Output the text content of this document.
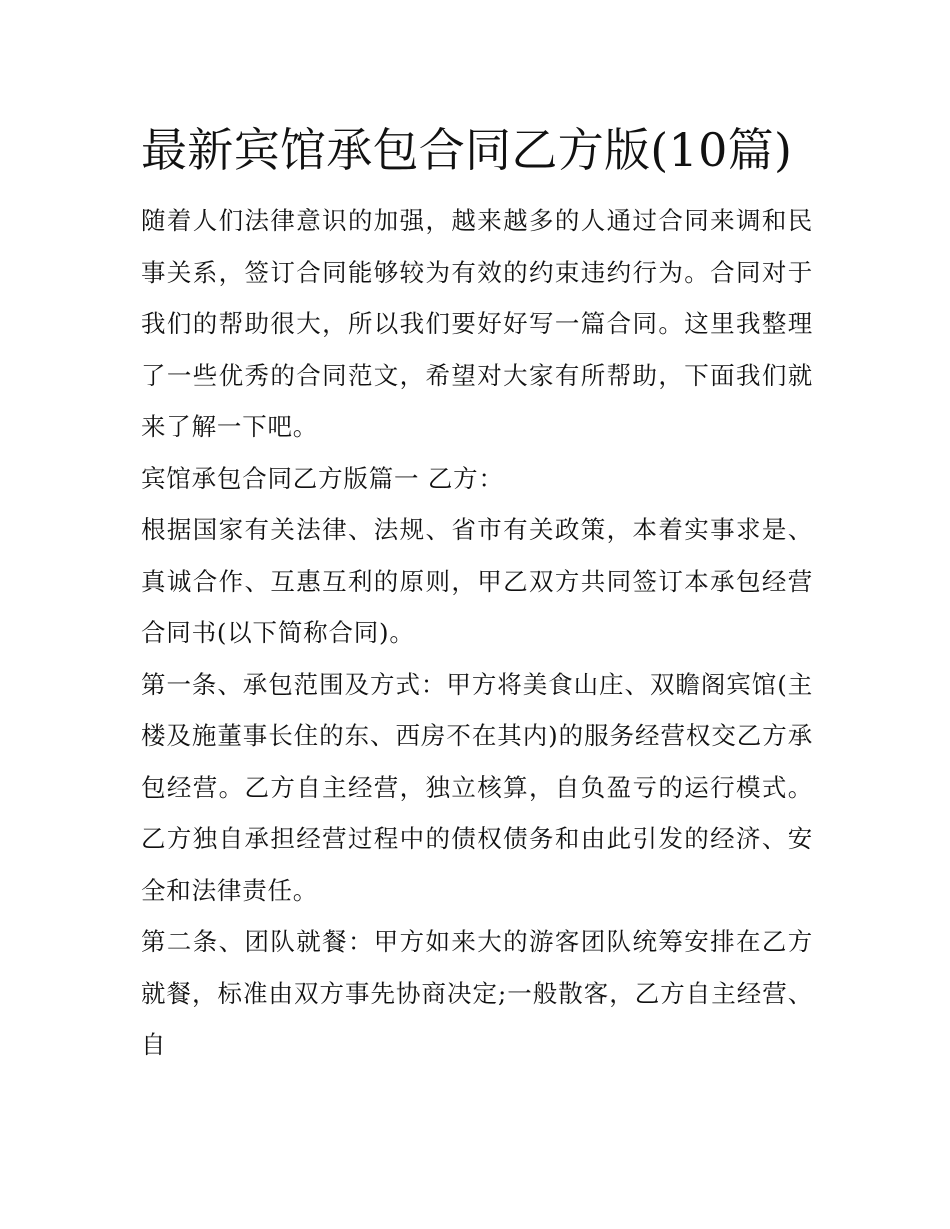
最新宾馆承包合同乙方版(10篇)

随着人们法律意识的加强，越来越多的人通过合同来调和民事关系，签订合同能够较为有效的约束违约行为。合同对于我们的帮助很大，所以我们要好好写一篇合同。这里我整理了一些优秀的合同范文，希望对大家有所帮助，下面我们就来了解一下吧。

宾馆承包合同乙方版篇一 乙方：

根据国家有关法律、法规、省市有关政策，本着实事求是、真诚合作、互惠互利的原则，甲乙双方共同签订本承包经营合同书(以下简称合同)。

第一条、承包范围及方式：甲方将美食山庄、双瞻阁宾馆(主楼及施董事长住的东、西房不在其内)的服务经营权交乙方承包经营。乙方自主经营，独立核算，自负盈亏的运行模式。乙方独自承担经营过程中的债权债务和由此引发的经济、安全和法律责任。

第二条、团队就餐：甲方如来大的游客团队统筹安排在乙方就餐，标准由双方事先协商决定;一般散客，乙方自主经营、自
